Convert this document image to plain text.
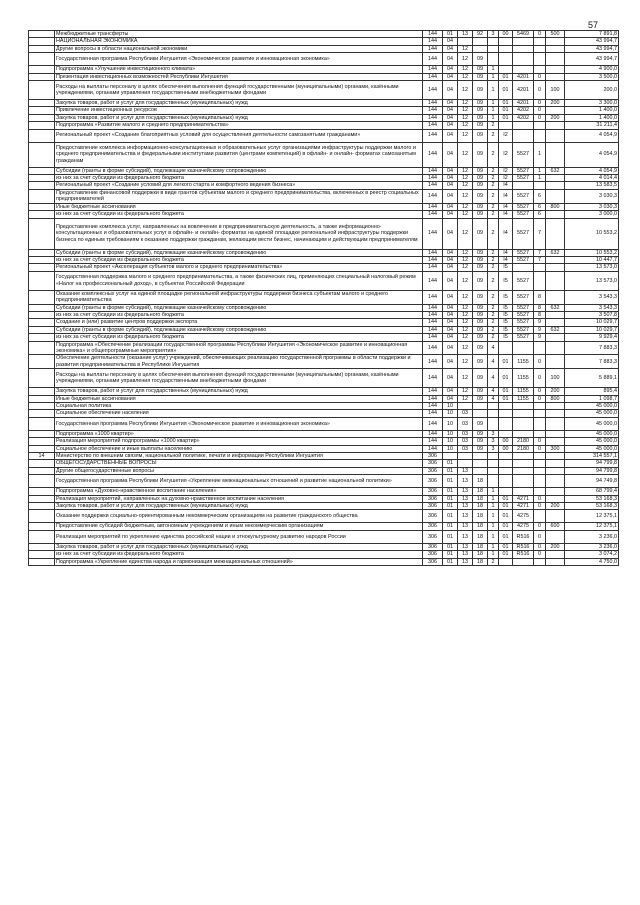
57
	Межбюджетные трансферты	144	01	13	92	3	00	5469	0	500	7 891,8
	НАЦИОНАЛЬНАЯ ЭКОНОМИКА	144	04								43 994,7
	Другие вопросы в области национальной экономики	144	04	12							43 994,7
	Государственная программа Республики Ингушетия «Экономическое развитие и инновационная экономика»	144	04	12	09						43 994,7
	Подпрограмма «Улучшение инвестиционного климата»	144	04	12	09	1					4 900,0
	Презентация инвестиционных возможностей Республики Ингушетия	144	04	12	09	1	01	4201	0		3 500,0
	Расходы на выплаты персоналу в целях обеспечения выполнения функций государственными (муниципальными) органами, казёнными учреждениями, органами управления государственными внебюджетными фондами	144	04	12	09	1	01	4201	0	100	200,0
	Закупка товаров, работ и услуг для государственных (муниципальных) нужд	144	04	12	09	1	01	4201	0	200	3 300,0
	Привлечение инвестиционных ресурсов	144	04	12	09	1	01	4202	0		1 400,0
	Закупка товаров, работ и услуг для государственных (муниципальных) нужд	144	04	12	09	1	01	4202	0	200	1 400,0
	Подпрограмма «Развитие малого и среднего предпринимательства»	144	04	12	09	2					31 211,4
	Региональный проект «Создание благоприятных условий для осуществления деятельности самозанятыми гражданами»	144	04	12	09	2	I2				4 054,9
	Предоставление комплекса информационно-консультационных и образовательных услуг организациями инфраструктуры поддержки малого и среднего предпринимательства и федеральными институтами развития (центрами компетенций) в офлайн- и онлайн- форматах самозанятым гражданам	144	04	12	09	2	I2	5527	1		4 054,9
	Субсидии (гранты в форме субсидий), подлежащие казначейскому сопровождению	144	04	12	09	2	I2	5527	1	632	4 054,9
	из них за счет субсидии из федерального бюджета	144	04	12	09	2	I2	5527	1		4 014,4
	Региональный проект «Создание условий для легкого старта и комфортного ведения бизнеса»	144	04	12	09	2	I4				13 583,5
	Предоставление финансовой поддержки в виде грантов субъектам малого и среднего предпринимательства, включенных в реестр социальных предпринимателей	144	04	12	09	2	I4	5527	6		3 030,3
	Иные бюджетные ассигнования	144	04	12	09	2	I4	5527	6	800	3 030,3
	из них за счет субсидии из федерального бюджета	144	04	12	09	2	I4	5527	6		3 000,0
	Предоставление комплекса услуг, направленных на вовлечение в предпринимательскую деятельность, а также информационно-консультационных и образовательных услуг в офлайн- и онлайн- форматах на единой площадке региональной инфраструктуры поддержки бизнеса по единым требованиям к оказанию поддержки гражданам, желающим вести бизнес, начинающим и действующим предпринимателям	144	04	12	09	2	I4	5527	7		10 553,2
	Субсидии (гранты в форме субсидий), подлежащие казначейскому сопровождению	144	04	12	09	2	I4	5527	7	632	10 553,2
	из них за счет субсидии из федерального бюджета	144	04	12	09	2	I4	5527	7		10 447,7
	Региональный проект «Акселерация субъектов малого и среднего предпринимательства»	144	04	12	09	2	I5				13 573,0
	Государственная поддержка малого и среднего предпринимательства, а также физических лиц, применяющих специальный налоговый режим «Налог на профессиональный доход», в субъектах Российской Федерации	144	04	12	09	2	I5	5527			13 573,0
	Оказание комплексных услуг на единой площадке региональной инфраструктуры поддержки бизнеса субъектам малого и среднего предпринимательства	144	04	12	09	2	I5	5527	8		3 543,3
	Субсидии (гранты в форме субсидий), подлежащие казначейскому сопровождению	144	04	12	09	2	I5	5527	8	632	3 543,3
	из них за счет субсидии из федерального бюджета	144	04	12	09	2	I5	5527	8		3 507,8
	Создание и (или) развитие центров поддержки экспорта	144	04	12	09	2	I5	5527	9		10 029,7
	Субсидии (гранты в форме субсидий), подлежащие казначейскому сопровождению	144	04	12	09	2	I5	5527	9	632	10 029,7
	из них за счет субсидии из федерального бюджета	144	04	12	09	2	I5	5527	9		9 929,4
	Подпрограмма «Обеспечение реализации государственной программы Республики Ингушетия «Экономическое развитие и инновационная экономика» и общепрограммные мероприятия»	144	04	12	09	4					7 883,3
	Обеспечение деятельности (оказание услуг) учреждений, обеспечивающих реализацию государственной программы в области поддержки и развития предпринимательства в Республике Ингушетия	144	04	12	09	4	01	1155	0		7 883,3
	Расходы на выплаты персоналу в целях обеспечения выполнения функций государственными (муниципальными) органами, казёнными учреждениями, органами управления государственными внебюджетными фондами	144	04	12	09	4	01	1155	0	100	5 889,1
	Закупка товаров, работ и услуг для государственных (муниципальных) нужд	144	04	12	09	4	01	1155	0	200	895,4
	Иные бюджетные ассигнования	144	04	12	09	4	01	1155	0	800	1 098,7
	Социальная политика	144	10								45 000,0
	Социальное обеспечение населения	144	10	03							45 000,0
	Государственная программа Республики Ингушетия «Экономическое развитие и инновационная экономика»	144	10	03	09						45 000,0
	Подпрограмма «1000 квартир»	144	10	03	09	3					45 000,0
	Реализация мероприятий подпрограммы «1000 квартир»	144	10	03	09	3	00	2180	0		45 000,0
	Социальное обеспечение и иные выплаты населению	144	10	03	09	3	00	2180	0	300	45 000,0
14	Министерство по внешним связям, национальной политике, печати и информации Республики Ингушетия	306									314 557,1
	ОБЩЕГОСУДАРСТВЕННЫЕ ВОПРОСЫ	306	01								94 799,8
	Другие общегосударственные вопросы	306	01	13							94 799,8
	Государственная программа Республики Ингушетия «Укрепление межнациональных отношений и развитие национальной политики»	306	01	13	18						94 749,8
	Подпрограмма «Духовно-нравственное воспитание населения»	306	01	13	18	1					68 799,4
	Реализация мероприятий, направленных на духовно-нравственное воспитание населения	306	01	13	18	1	01	4271	0		53 168,3
	Закупка товаров, работ и услуг для государственных (муниципальных) нужд	306	01	13	18	1	01	4271	0	200	53 168,3
	Оказание поддержки социально-ориентированным некоммерческим организациям на развитие гражданского общества	306	01	13	18	1	01	4275			12 375,1
	Предоставление субсидий бюджетным, автономным учреждениям и иным некоммерческим организациям	306	01	13	18	1	01	4275	0	600	12 375,1
	Реализация мероприятий по укреплению единства российской нации и этнокультурному развитию народов России	306	01	13	18	1	01	R516	0		3 236,0
	Закупка товаров, работ и услуг для государственных (муниципальных) нужд	306	01	13	18	1	01	R516	0	200	3 236,0
	из них за счет субсидии из федерального бюджета	306	01	13	18	1	01	R516	0		3 074,2
	Подпрограмма «Укрепление единства народа и гармонизация межнациональных отношений»	306	01	13	18	2					4 750,0
